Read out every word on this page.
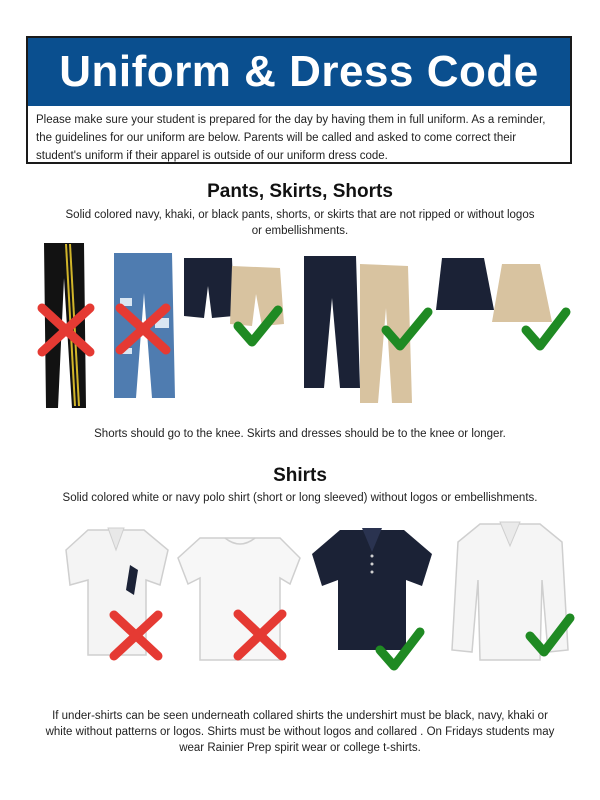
Uniform & Dress Code
Please make sure your student is prepared for the day by having them in full uniform. As a reminder, the guidelines for our uniform are below. Parents will be called and asked to come correct their student's uniform if their apparel is outside of our uniform dress code.
Pants, Skirts, Shorts
Solid colored navy, khaki, or black pants, shorts, or skirts that are not ripped or without logos or embellishments.
Shorts should go to the knee. Skirts and dresses should be to the knee or longer.
Shirts
Solid colored white or navy polo shirt (short or long sleeved) without logos or embellishments.
If under-shirts can be seen underneath collared shirts the undershirt must be black, navy, khaki or white without patterns or logos. Shirts must be without logos and collared . On Fridays students may wear Rainier Prep spirit wear or college t-shirts.
